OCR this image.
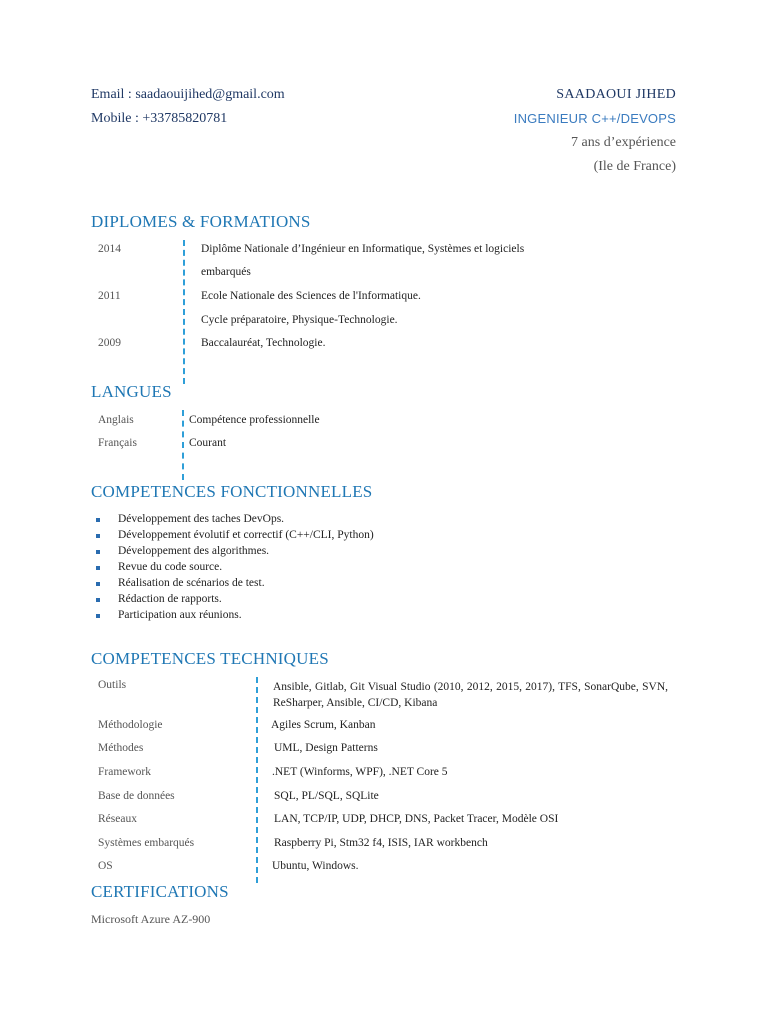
Email : saadaouijihed@gmail.com
Mobile : +33785820781
SAADAOUI JIHED
INGENIEUR C++/DEVOPS
7 ans d’expérience
(Ile de France)
DIPLOMES & FORMATIONS
2014	Diplôme Nationale d’Ingénieur en Informatique, Systèmes et logiciels
embarqués
2011	Ecole Nationale des Sciences de l'Informatique.
Cycle préparatoire, Physique-Technologie.
2009	Baccalauréat, Technologie.
LANGUES
Anglais	Compétence professionnelle
Français	Courant
COMPETENCES FONCTIONNELLES
Développement des taches DevOps.
Développement évolutif et correctif (C++/CLI, Python)
Développement des algorithmes.
Revue du code source.
Réalisation de scénarios de test.
Rédaction de rapports.
Participation aux réunions.
COMPETENCES TECHNIQUES
Outils	Ansible, Gitlab, Git Visual Studio (2010, 2012, 2015, 2017), TFS, SonarQube, SVN, ReSharper, Ansible, CI/CD, Kibana
Méthodologie	Agiles Scrum, Kanban
Méthodes	UML, Design Patterns
Framework	.NET (Winforms, WPF), .NET Core 5
Base de données	SQL, PL/SQL, SQLite
Réseaux	LAN, TCP/IP, UDP, DHCP, DNS, Packet Tracer, Modèle OSI
Systèmes embarqués	Raspberry Pi, Stm32 f4, ISIS, IAR workbench
OS	Ubuntu, Windows.
CERTIFICATIONS
Microsoft Azure AZ-900
